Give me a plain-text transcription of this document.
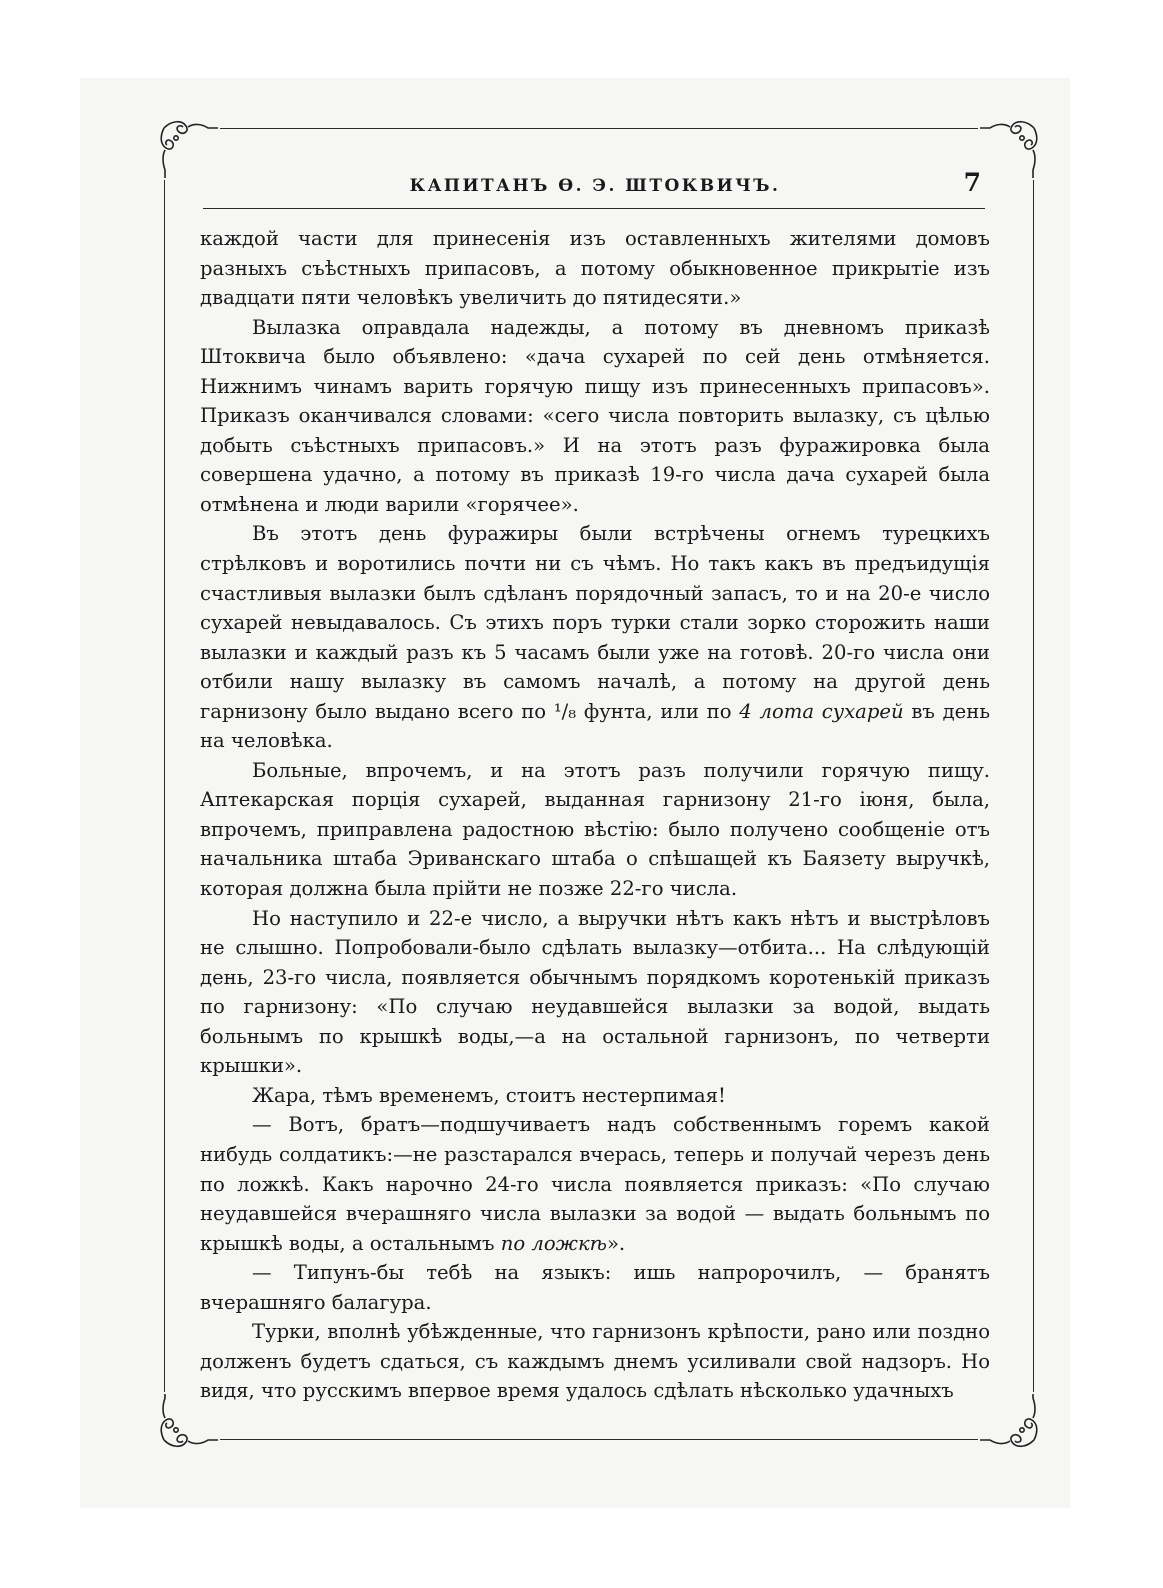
КАПИТАНЪ Ѳ. Э. ШТОКВИЧЪ.	7

каждой части для принесенія изъ оставленныхъ жителями домовъ разныхъ съѣстныхъ припасовъ, а потому обыкновенное прикрытіе изъ двадцати пяти человѣкъ увеличить до пятидесяти.»

Вылазка оправдала надежды, а потому въ дневномъ приказѣ Штоквича было объявлено: «дача сухарей по сей день отмѣняется. Нижнимъ чинамъ варить горячую пищу изъ принесенныхъ припасовъ». Приказъ оканчивался словами: «сего числа повторить вылазку, съ цѣлью добыть съѣстныхъ припасовъ.» И на этотъ разъ фуражировка была совершена удачно, а потому въ приказѣ 19-го числа дача сухарей была отмѣнена и люди варили «горячее».

Въ этотъ день фуражиры были встрѣчены огнемъ турецкихъ стрѣлковъ и воротились почти ни съ чѣмъ. Но такъ какъ въ предъидущія счастливыя вылазки былъ сдѣланъ порядочный запасъ, то и на 20-е число сухарей невыдавалось. Съ этихъ поръ турки стали зорко сторожить наши вылазки и каждый разъ къ 5 часамъ были уже на готовѣ. 20-го числа они отбили нашу вылазку въ самомъ началѣ, а потому на другой день гарнизону было выдано всего по ¹/₈ фунта, или по 4 лота сухарей въ день на человѣка.

Больные, впрочемъ, и на этотъ разъ получили горячую пищу. Аптекарская порція сухарей, выданная гарнизону 21-го іюня, была, впрочемъ, приправлена радостною вѣстію: было получено сообщеніе отъ начальника штаба Эриванскаго штаба о спѣшащей къ Баязету выручкѣ, которая должна была прійти не позже 22-го числа.

Но наступило и 22-е число, а выручки нѣтъ какъ нѣтъ и выстрѣловъ не слышно. Попробовали-было сдѣлать вылазку—отбита... На слѣдующій день, 23-го числа, появляется обычнымъ порядкомъ коротенькій приказъ по гарнизону: «По случаю неудавшейся вылазки за водой, выдать больнымъ по крышкѣ воды,—а на остальной гарнизонъ, по четверти крышки».

Жара, тѣмъ временемъ, стоитъ нестерпимая!

— Вотъ, братъ—подшучиваетъ надъ собственнымъ горемъ какой нибудь солдатикъ:—не разстарался вчерась, теперь и получай черезъ день по ложкѣ. Какъ нарочно 24-го числа появляется приказъ: «По случаю неудавшейся вчерашняго числа вылазки за водой — выдать больнымъ по крышкѣ воды, а остальнымъ по ложкѣ».

— Типунъ-бы тебѣ на языкъ: ишь напророчилъ, — бранятъ вчерашняго балагура.

Турки, вполнѣ убѣжденные, что гарнизонъ крѣпости, рано или поздно долженъ будетъ сдаться, съ каждымъ днемъ усиливали свой надзоръ. Но видя, что русскимъ впервое время удалось сдѣлать нѣсколько удачныхъ
